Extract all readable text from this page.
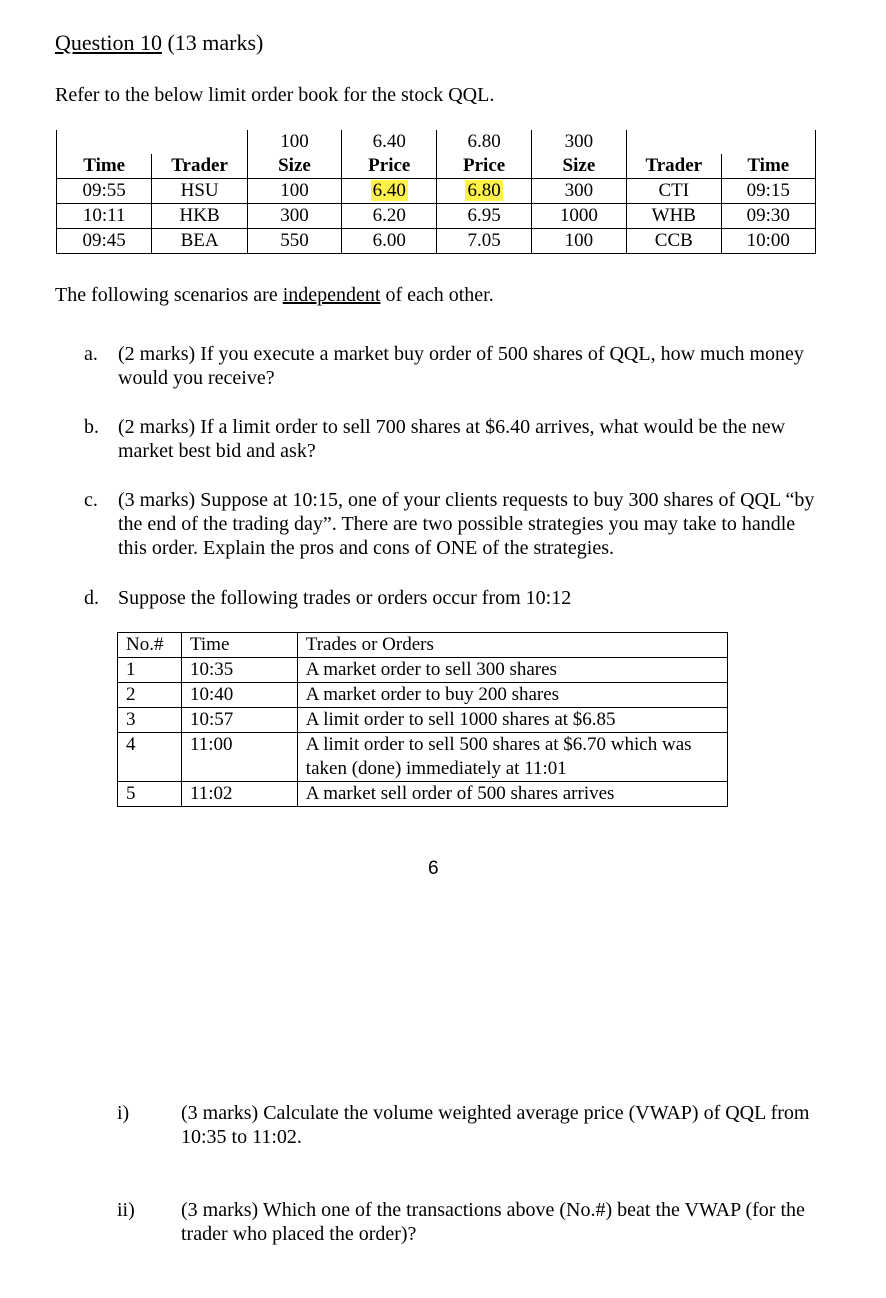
Question 10 (13 marks)
Refer to the below limit order book for the stock QQL.
		100	6.40	6.80	300		
Time	Trader	Size	Price	Price	Size	Trader	Time
09:55	HSU	100	6.40	6.80	300	CTI	09:15
10:11	HKB	300	6.20	6.95	1000	WHB	09:30
09:45	BEA	550	6.00	7.05	100	CCB	10:00
The following scenarios are independent of each other.
a.	(2 marks) If you execute a market buy order of 500 shares of QQL, how much money would you receive?
b. (2 marks) If a limit order to sell 700 shares at $6.40 arrives, what would be the new market best bid and ask?
c.	(3 marks) Suppose at 10:15, one of your clients requests to buy 300 shares of QQL “by the end of the trading day”. There are two possible strategies you may take to handle this order. Explain the pros and cons of ONE of the strategies.
d. Suppose the following trades or orders occur from 10:12
No.#	Time	Trades or Orders
1	10:35	A market order to sell 300 shares
2	10:40	A market order to buy 200 shares
3	10:57	A limit order to sell 1000 shares at $6.85
4	11:00	A limit order to sell 500 shares at $6.70 which was taken (done) immediately at 11:01
5	11:02	A market sell order of 500 shares arrives
6
i)	(3 marks) Calculate the volume weighted average price (VWAP) of QQL from 10:35 to 11:02.
ii) (3 marks) Which one of the transactions above (No.#) beat the VWAP (for the trader who placed the order)?
